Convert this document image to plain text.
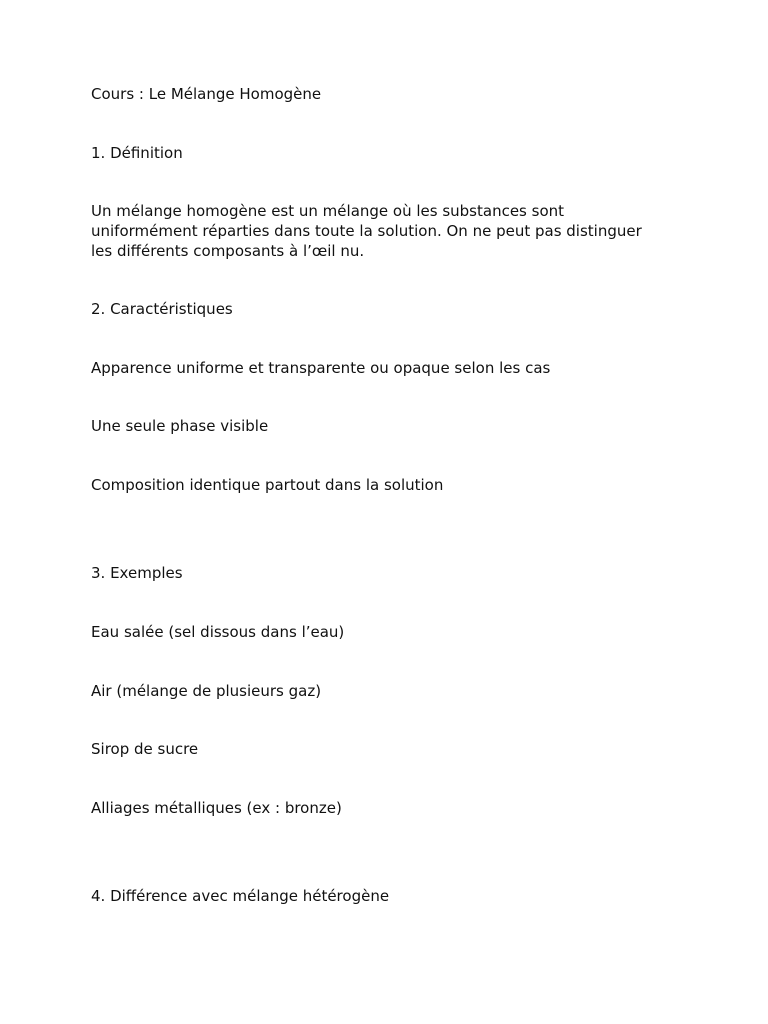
Cours : Le Mélange Homogène

1. Définition

Un mélange homogène est un mélange où les substances sont
uniformément réparties dans toute la solution. On ne peut pas distinguer
les différents composants à l’œil nu.

2. Caractéristiques

Apparence uniforme et transparente ou opaque selon les cas

Une seule phase visible

Composition identique partout dans la solution

3. Exemples

Eau salée (sel dissous dans l’eau)

Air (mélange de plusieurs gaz)

Sirop de sucre

Alliages métalliques (ex : bronze)

4. Différence avec mélange hétérogène
